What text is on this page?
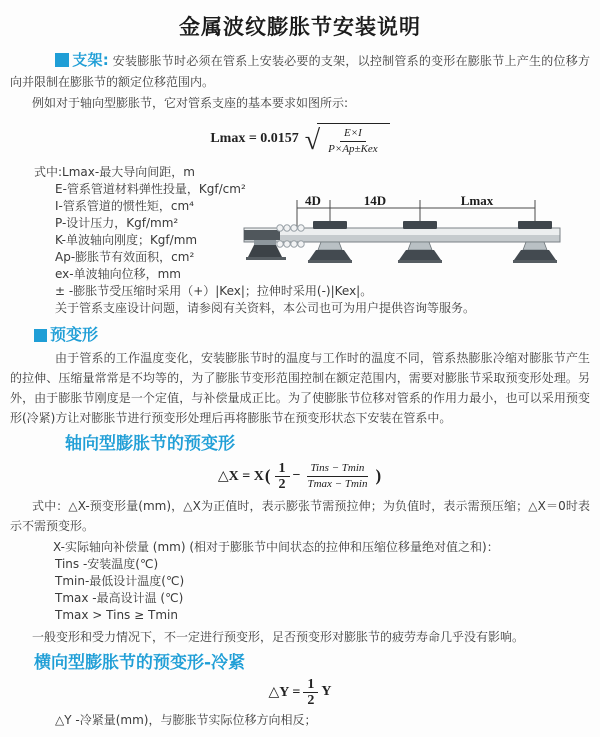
金属波纹膨胀节安装说明

支架: 安装膨胀节时必须在管系上安装必要的支架，以控制管系的变形在膨胀节上产生的位移方向并限制在膨胀节的额定位移范围内。

例如对于轴向型膨胀节，它对管系支座的基本要求如图所示:

Lmax = 0.0157 √ $\frac{E\times I}{\text{P×Ap±Kex}}$
式中:Lmax-最大导向间距，m
E-管系管道材料弹性投量，Kgf/cm²
I-管系管道的惯性矩，cm⁴
P-设计压力，Kgf/mm²
K-单波轴向刚度；Kgf/mm
Ap-膨胀节有效面积，cm²
ex-单波轴向位移，mm
± -膨胀节受压缩时采用（+）|Kex|；拉伸时采用(-)|Kex|。
关于管系支座设计问题，请参阅有关资料，本公司也可为用户提供咨询等服务。
4D	14D	Lmax
预变形

由于管系的工作温度变化，安装膨胀节时的温度与工作时的温度不同，管系热膨胀冷缩对膨胀节产生的拉伸、压缩量常常是不均等的，为了膨胀节变形范围控制在额定范围内，需要对膨胀节采取预变形处理。另外，由于膨胀节刚度是一个定值，与补偿量成正比。为了使膨胀节位移对管系的作用力最小，也可以采用预变形(冷紧)方让对膨胀节进行预变形处理后再将膨胀节在预变形状态下安装在管系中。

轴向型膨胀节的预变形
△X = X ( $\frac{1}{2} - \frac{\text{Tins − Tmin}}{Tmax - Tmin}$ )

式中：△X-预变形量(mm)，△X为正值时，表示膨张节需预拉伸；为负值时，表示需预压缩；△X＝0时表示不需预变形。

X-实际轴向补偿量 (mm) (相对于膨胀节中间状态的拉伸和压缩位移量绝对值之和)：
Tins -安装温度(℃)
Tmin-最低设计温度(℃)
Tmax -最高设计温 (℃)
Tmax > Tins ≥ Tmin

一般变形和受力情况下，不一定进行预变形，足否预变形对膨胀节的疲劳寿命几乎没有影响。

横向型膨胀节的预变形-冷紧
△Y = $\frac{1}{2}$ Y
△Y -冷紧量(mm)，与膨胀节实际位移方向相反；
